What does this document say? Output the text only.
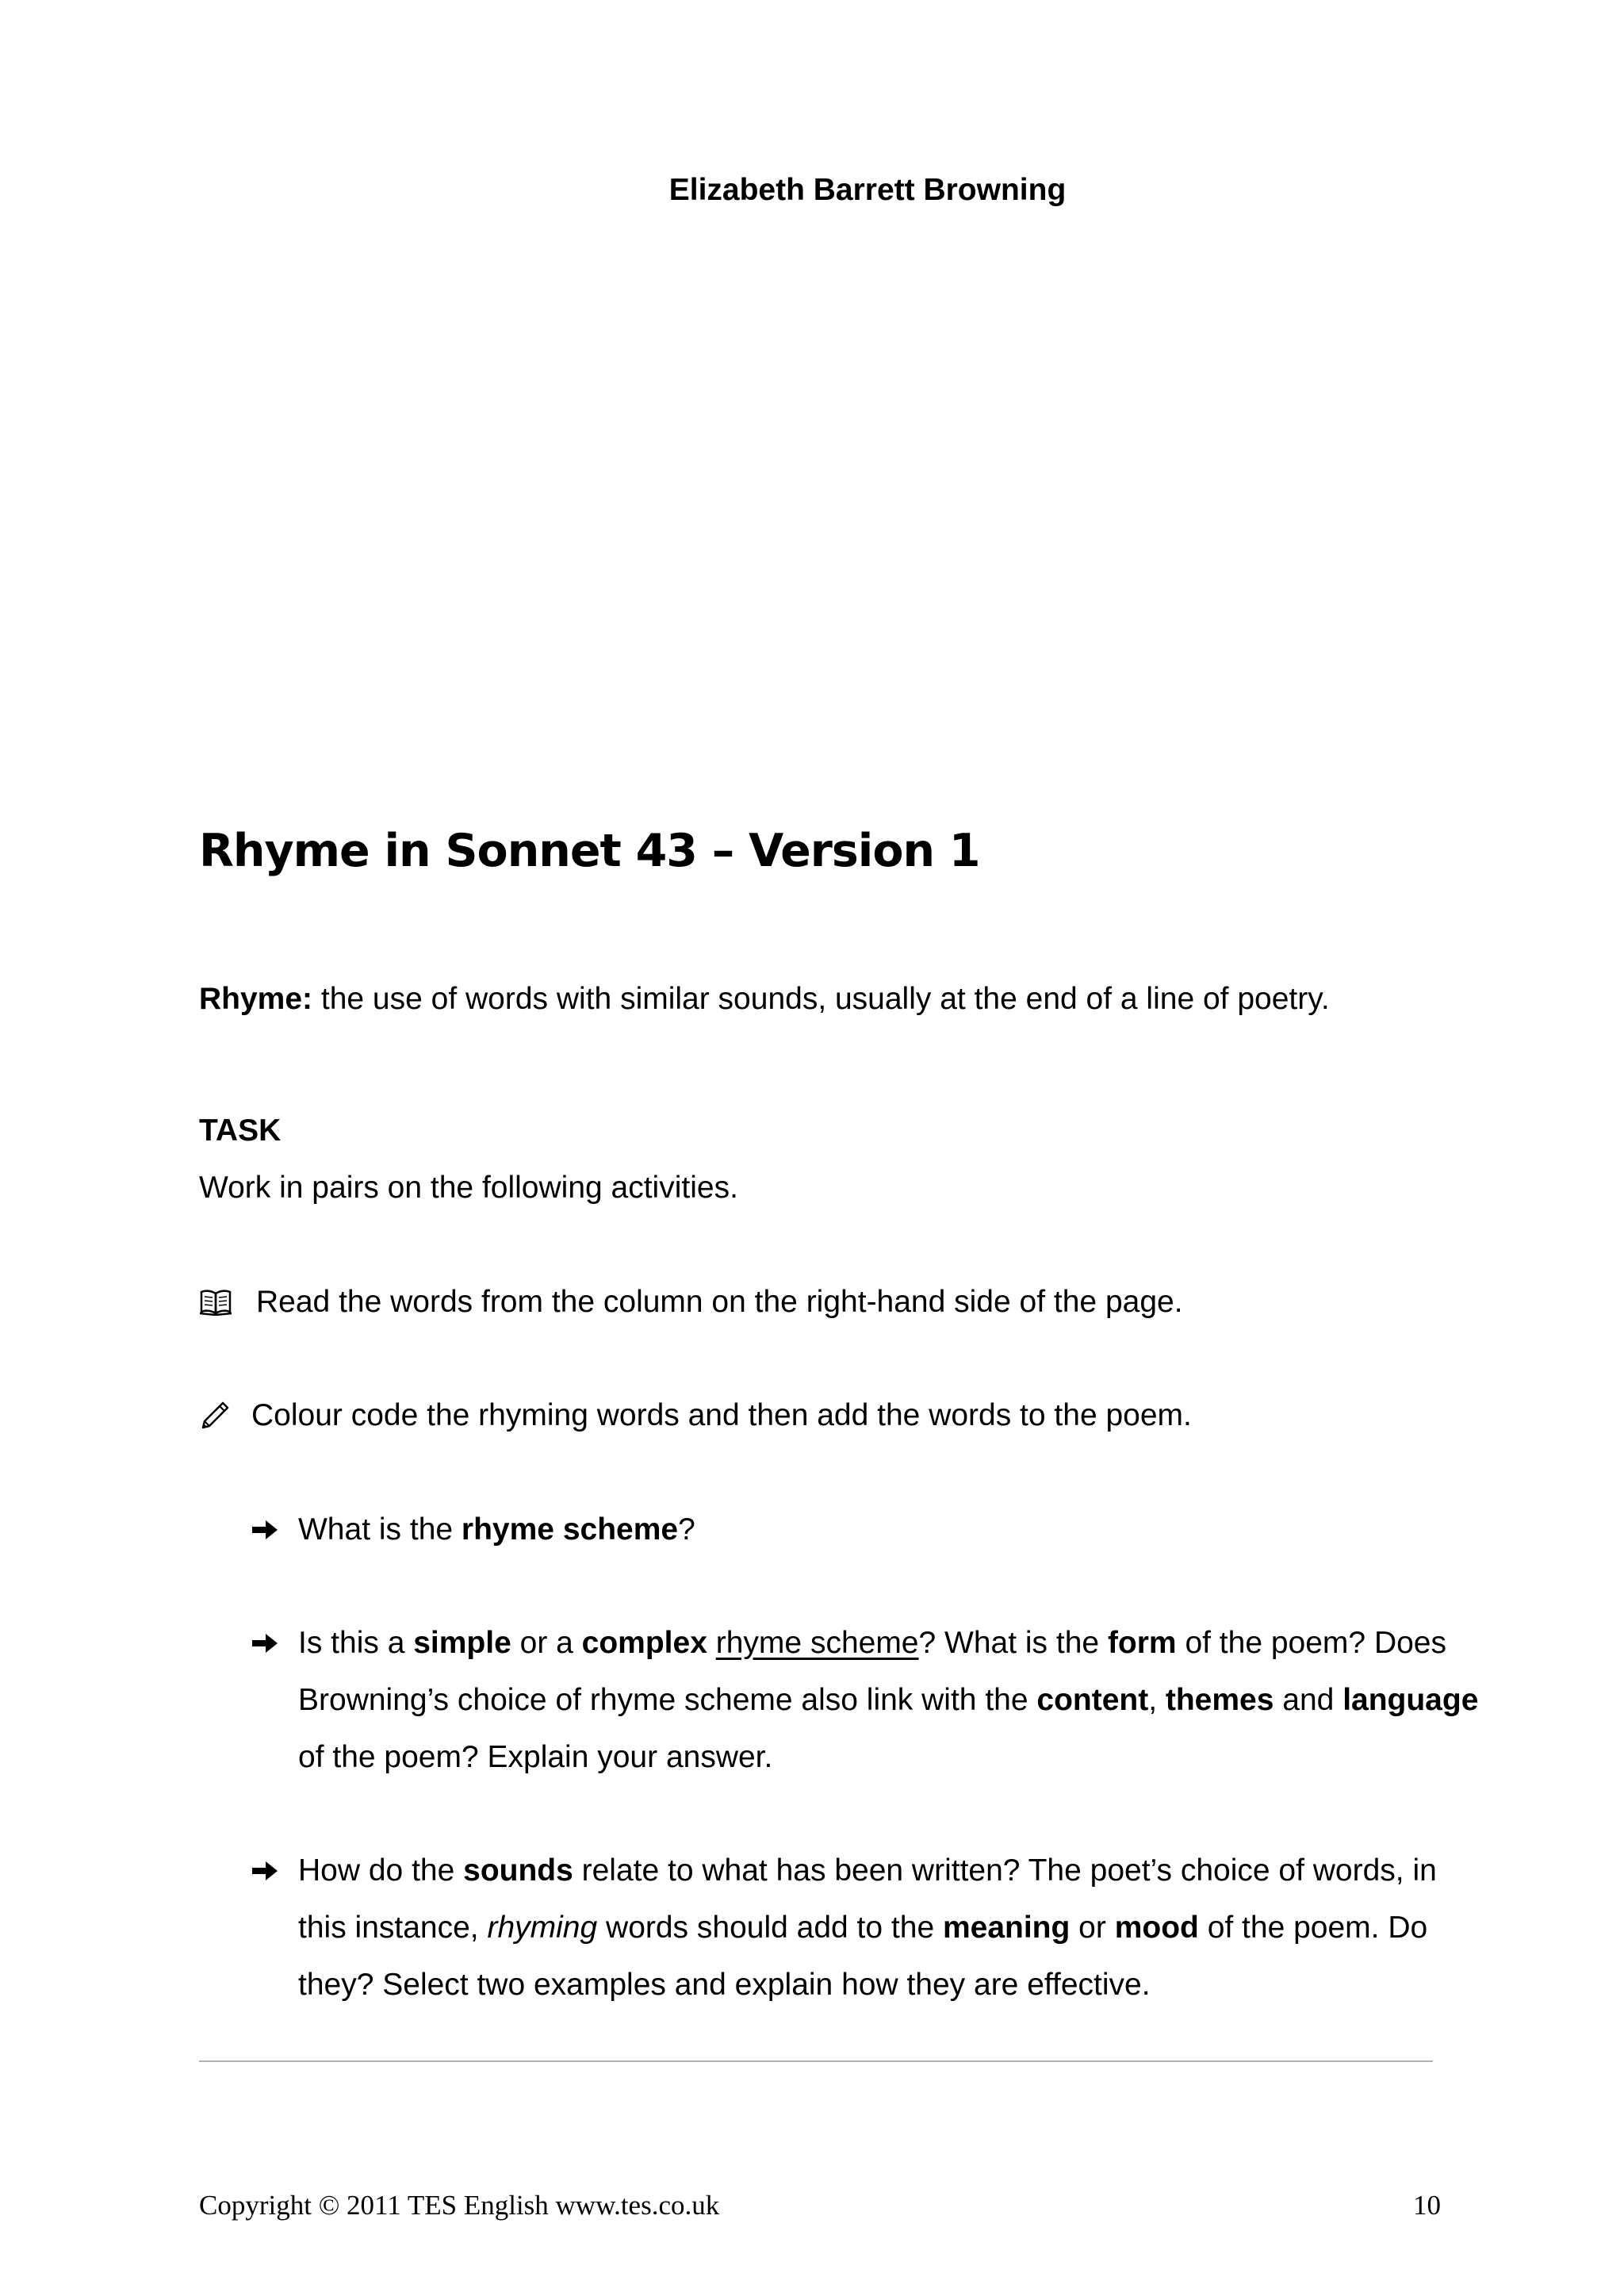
Elizabeth Barrett Browning

Rhyme in Sonnet 43 – Version 1

Rhyme: the use of words with similar sounds, usually at the end of a line of poetry.

TASK

Work in pairs on the following activities.

Read the words from the column on the right-hand side of the page.
Colour code the rhyming words and then add the words to the poem.
What is the rhyme scheme?
Is this a simple or a complex rhyme scheme? What is the form of the poem? Does Browning’s choice of rhyme scheme also link with the content, themes and language of the poem? Explain your answer.
How do the sounds relate to what has been written? The poet’s choice of words, in this instance, rhyming words should add to the meaning or mood of the poem. Do they? Select two examples and explain how they are effective.

Copyright © 2011 TES English www.tes.co.uk	10
